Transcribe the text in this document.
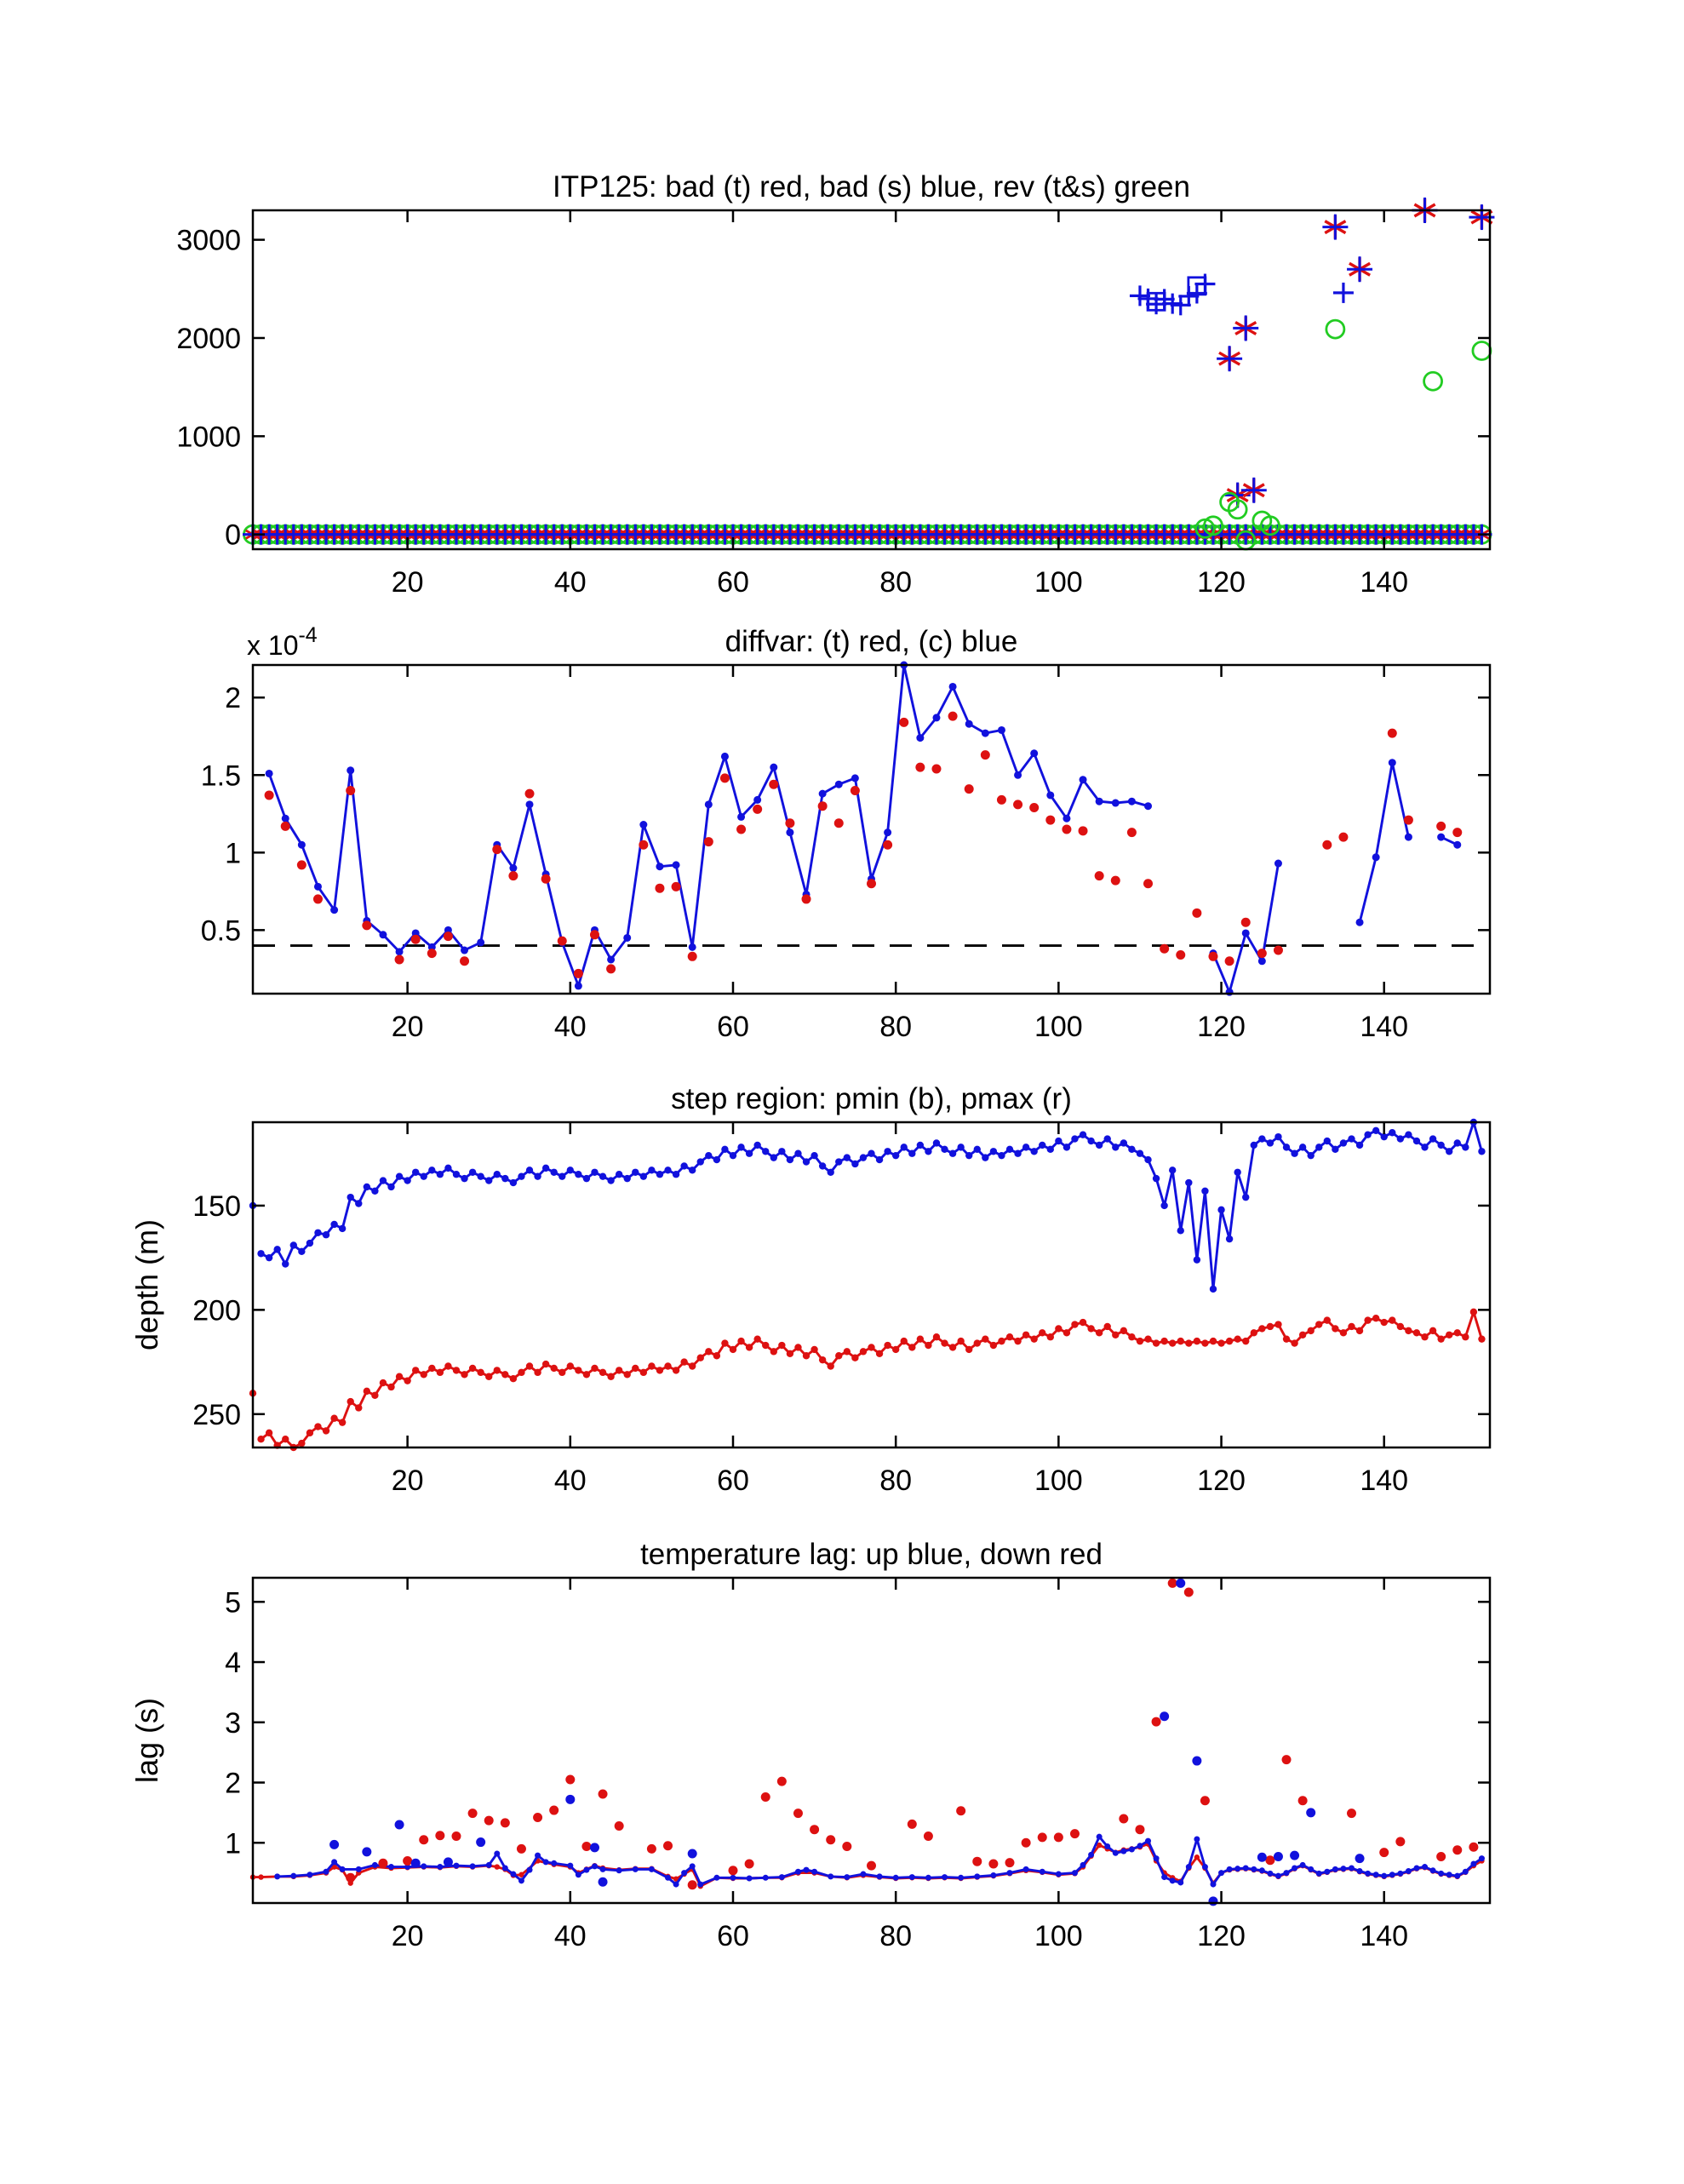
ITP125: bad (t) red, bad (s) blue, rev (t&s) green
20	40	60	80	100	120	140
0
1000
2000
3000
diffvar: (t) red, (c) blue
20	40	60	80	100	120	140
0.5
1
1.5
2
x $10^{-4}$
step region: pmin (b), pmax (r)
20	40	60	80	100	120	140
150
200
250
depth (m)
temperature lag: up blue, down red
20	40	60	80	100	120	140
1
2
3
4
5
lag (s)
